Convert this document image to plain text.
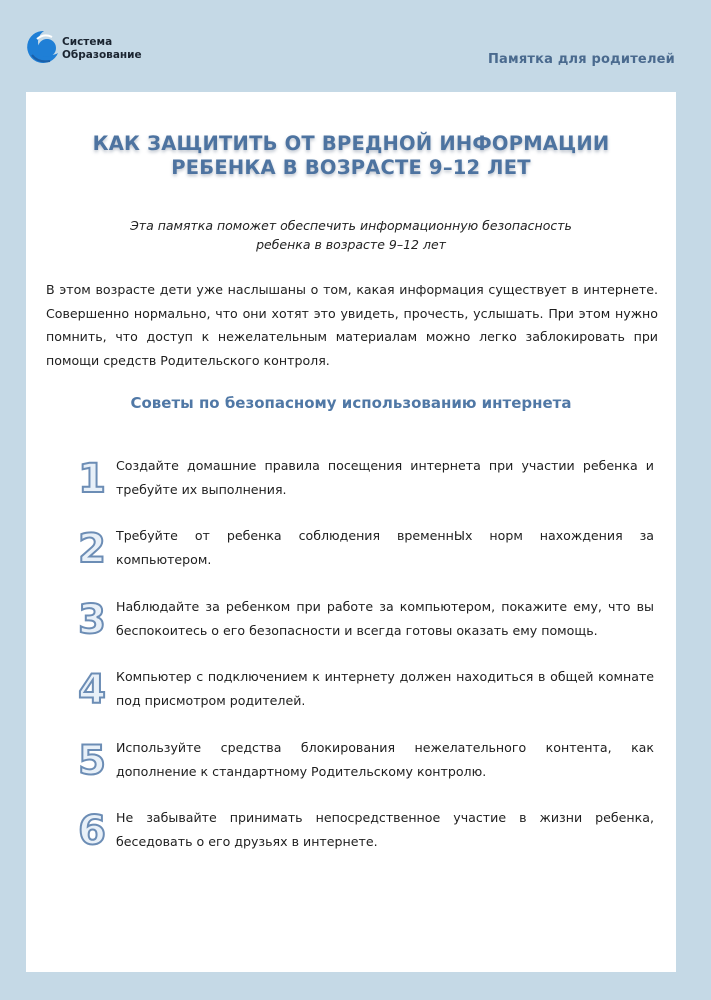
Система
Образование	Памятка для родителей
КАК ЗАЩИТИТЬ ОТ ВРЕДНОЙ ИНФОРМАЦИИ
РЕБЕНКА В ВОЗРАСТЕ 9–12 ЛЕТ
Эта памятка поможет обеспечить информационную безопасность
ребенка в возрасте 9–12 лет
В этом возрасте дети уже наслышаны о том, какая информация существует в интернете. Совершенно нормально, что они хотят это увидеть, прочесть, услышать. При этом нужно помнить, что доступ к нежелательным материалам можно легко заблокировать при помощи средств Родительского контроля.
Советы по безопасному использованию интернета
1 Создайте домашние правила посещения интернета при участии ребенка и требуйте их выполнения.
2 Требуйте от ребенка соблюдения временнЫх норм нахождения за компьютером.
3 Наблюдайте за ребенком при работе за компьютером, покажите ему, что вы беспокоитесь о его безопасности и всегда готовы оказать ему помощь.
4 Компьютер с подключением к интернету должен находиться в общей комнате под присмотром родителей.
5 Используйте средства блокирования нежелательного контента, как дополнение к стандартному Родительскому контролю.
6 Не забывайте принимать непосредственное участие в жизни ребенка, беседовать о его друзьях в интернете.
